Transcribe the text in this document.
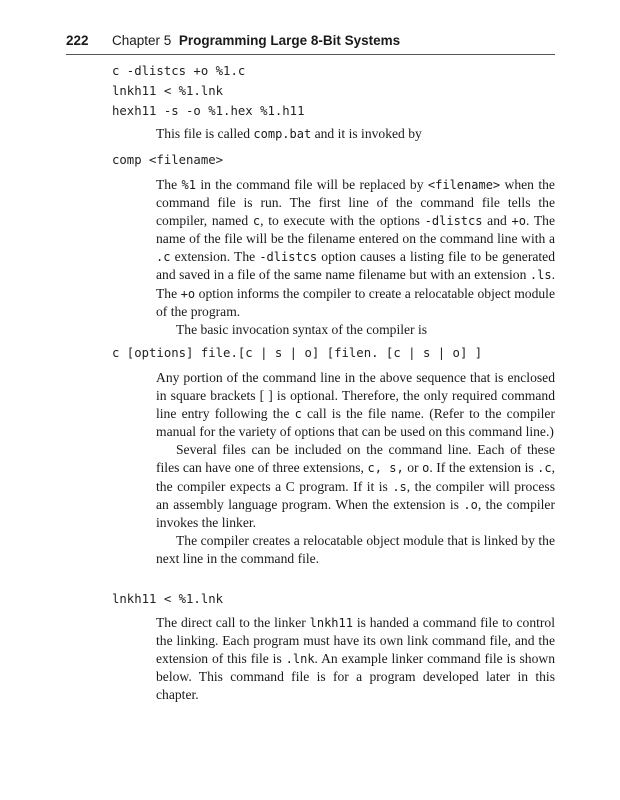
222 Chapter 5 Programming Large 8-Bit Systems
c -dlistcs +o %1.c
lnkh11 < %1.lnk
hexh11 -s -o %1.hex %1.h11
This file is called comp.bat and it is invoked by
comp <filename>

The %1 in the command file will be replaced by <filename> when the command file is run. The first line of the command file tells the compiler, named c, to execute with the options -dlistcs and +o. The name of the file will be the filename entered on the command line with a .c extension. The -dlistcs option causes a listing file to be generated and saved in a file of the same name filename but with an extension .ls. The +o option informs the compiler to create a relocatable object module of the program.

The basic invocation syntax of the compiler is

c [options] file.[c | s | o] [filen. [c | s | o] ]

Any portion of the command line in the above sequence that is enclosed in square brackets [ ] is optional. Therefore, the only required command line entry following the c call is the file name. (Refer to the compiler manual for the variety of options that can be used on this command line.)

Several files can be included on the command line. Each of these files can have one of three extensions, c, s, or o. If the extension is .c, the compiler expects a C program. If it is .s, the compiler will process an assembly language program. When the extension is .o, the compiler invokes the linker.

The compiler creates a relocatable object module that is linked by the next line in the command file.

lnkh11 < %1.lnk

The direct call to the linker lnkh11 is handed a command file to control the linking. Each program must have its own link command file, and the extension of this file is .lnk. An example linker command file is shown below. This command file is for a program developed later in this chapter.
